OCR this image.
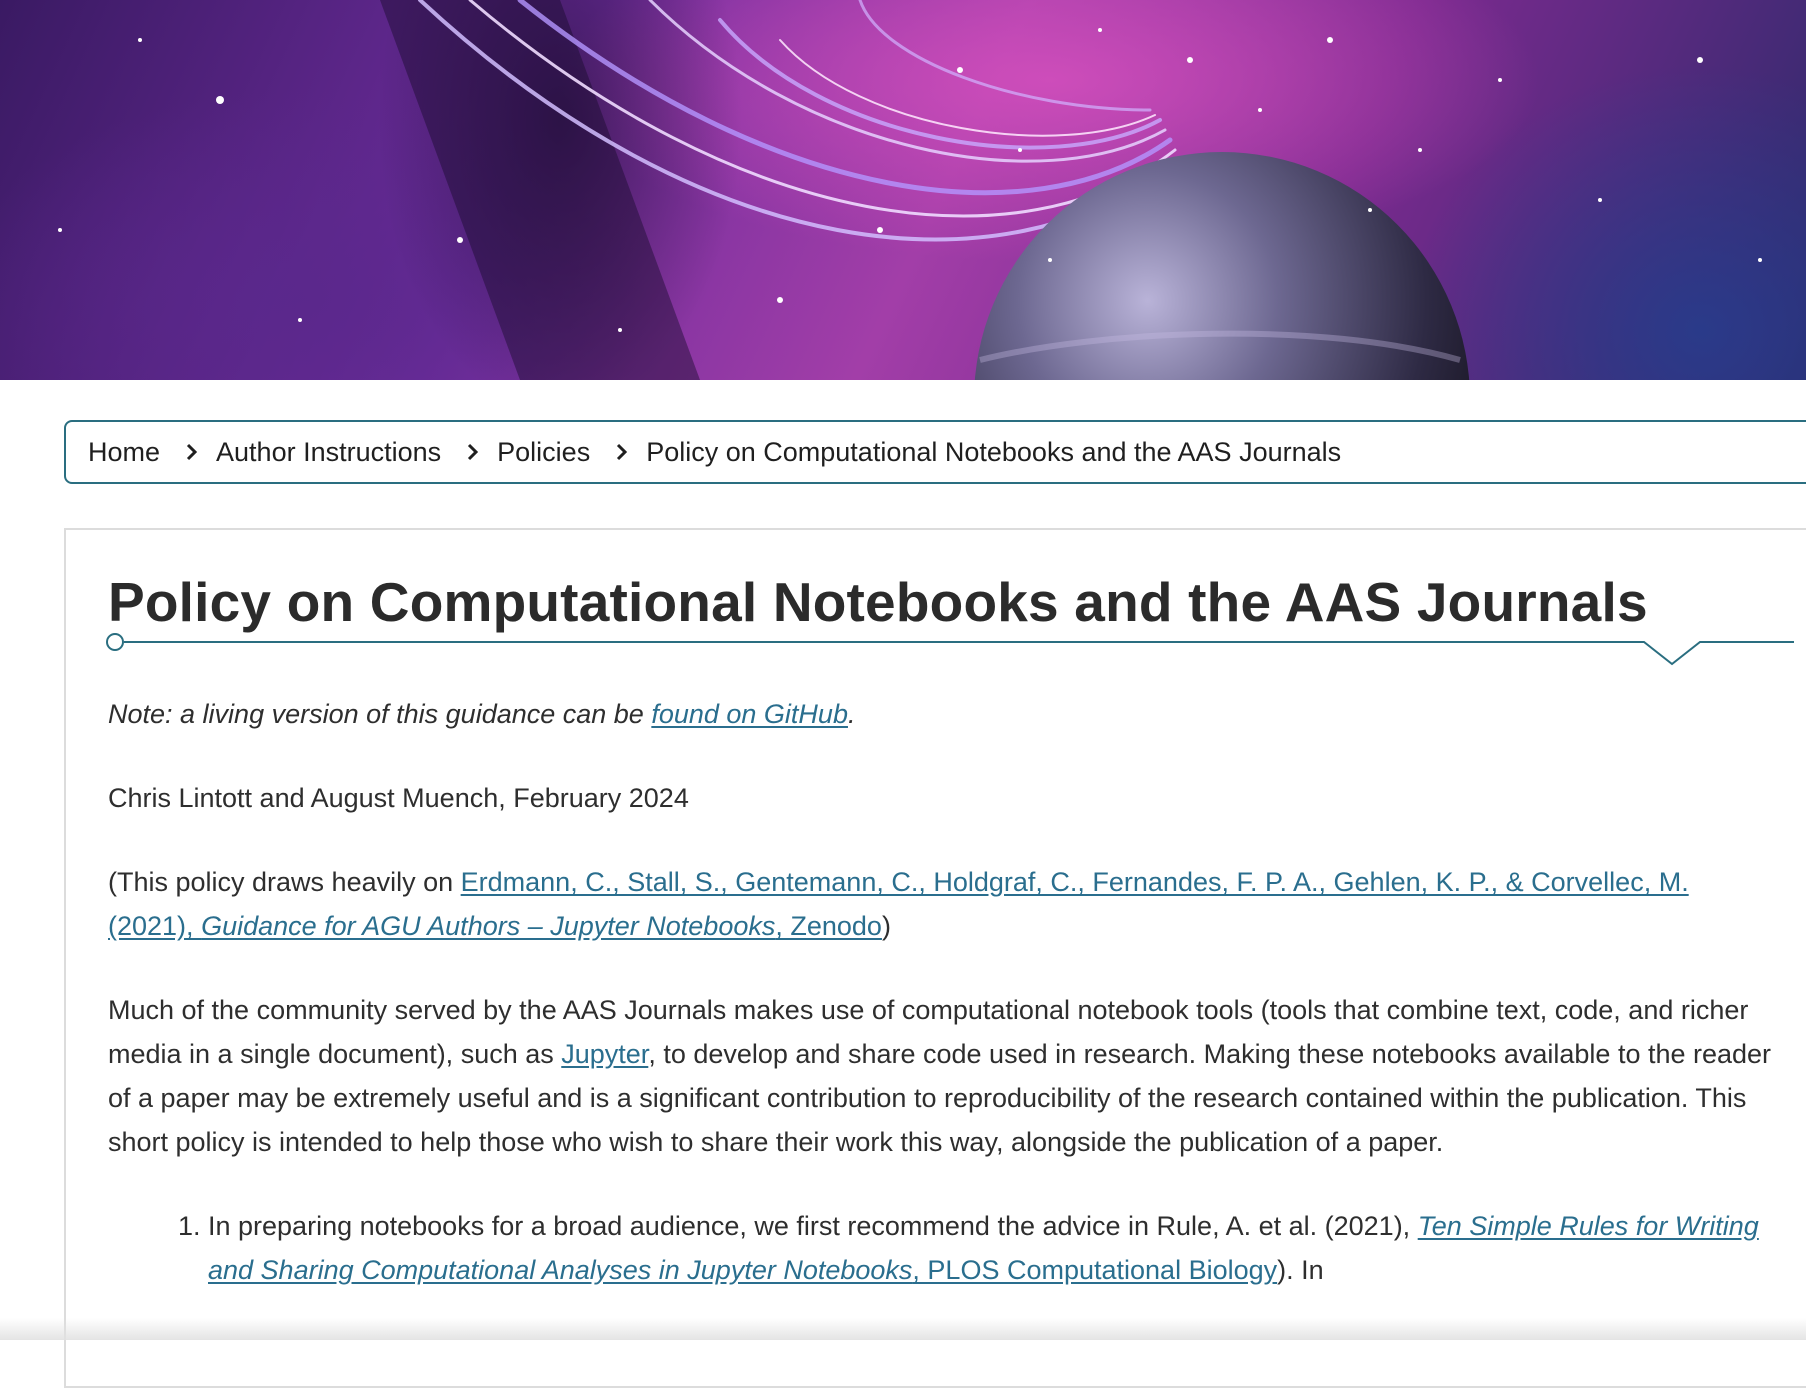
Home Author Instructions Policies Policy on Computational Notebooks and the AAS Journals
Policy on Computational Notebooks and the AAS Journals

Note: a living version of this guidance can be found on GitHub.

Chris Lintott and August Muench, February 2024

(This policy draws heavily on Erdmann, C., Stall, S., Gentemann, C., Holdgraf, C., Fernandes, F. P. A., Gehlen, K. P., & Corvellec, M. (2021), Guidance for AGU Authors – Jupyter Notebooks, Zenodo)

Much of the community served by the AAS Journals makes use of computational notebook tools (tools that combine text, code, and richer media in a single document), such as Jupyter, to develop and share code used in research. Making these notebooks available to the reader of a paper may be extremely useful and is a significant contribution to reproducibility of the research contained within the publication. This short policy is intended to help those who wish to share their work this way, alongside the publication of a paper.

1. In preparing notebooks for a broad audience, we first recommend the advice in Rule, A. et al. (2021), Ten Simple Rules for Writing and Sharing Computational Analyses in Jupyter Notebooks, PLOS Computational Biology). In
